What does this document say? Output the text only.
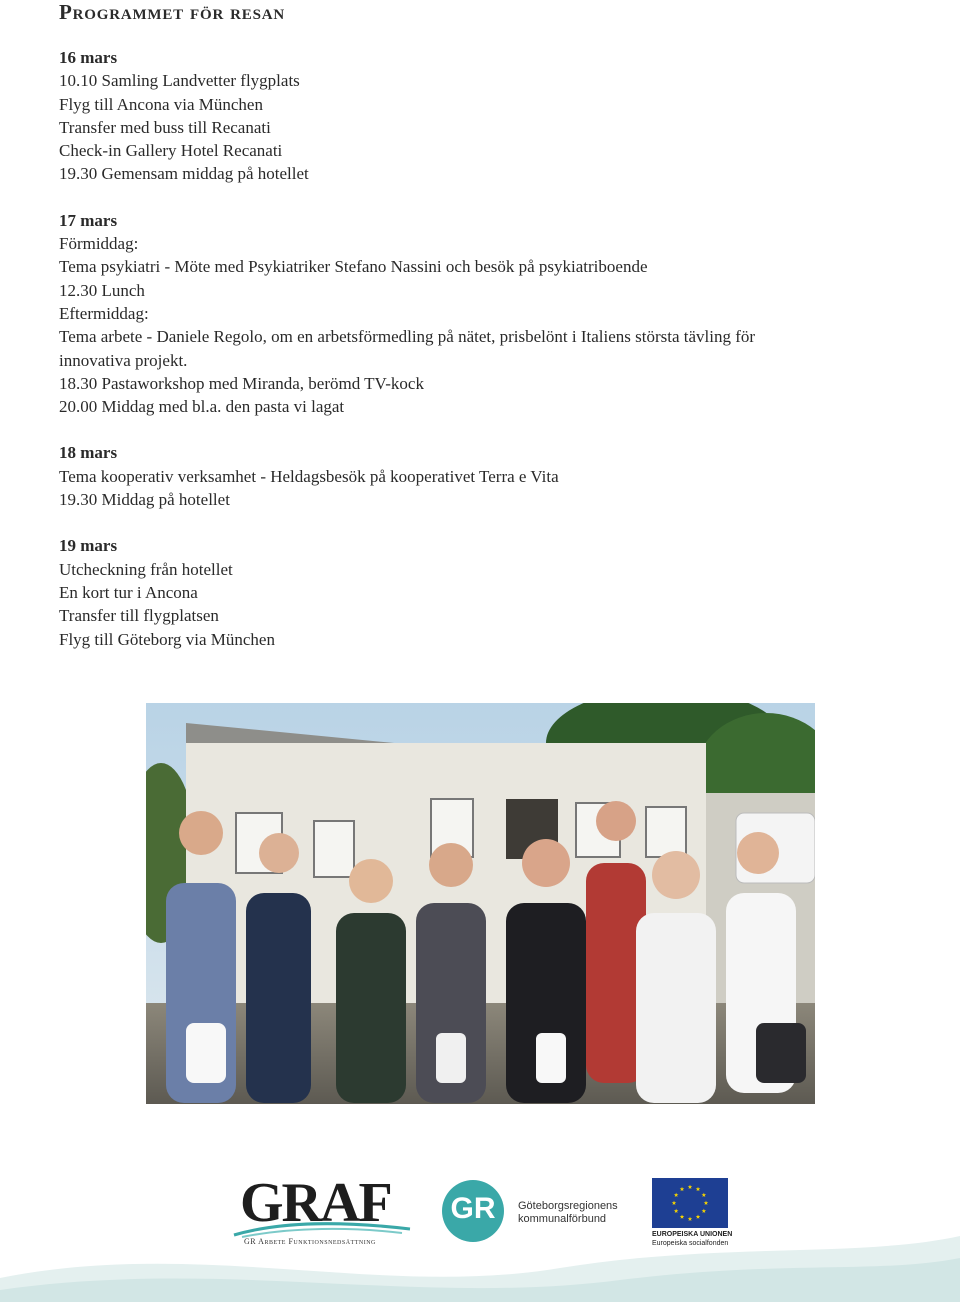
Programmet för resan

16 mars

10.10 Samling Landvetter flygplats

Flyg till Ancona via München

Transfer med buss till Recanati

Check-in Gallery Hotel Recanati

19.30 Gemensam middag på hotellet

17 mars

Förmiddag:

Tema psykiatri - Möte med Psykiatriker Stefano Nassini och besök på psykiatriboende

12.30 Lunch

Eftermiddag:

Tema arbete - Daniele Regolo, om en arbetsförmedling på nätet, prisbelönt i Italiens största tävling för

innovativa projekt.

18.30 Pastaworkshop med Miranda, berömd TV-kock

20.00 Middag med bl.a. den pasta vi lagat

18 mars

Tema kooperativ verksamhet - Heldagsbesök på kooperativet Terra e Vita

19.30 Middag på hotellet

19 mars

Utcheckning från hotellet

En kort tur i Ancona

Transfer till flygplatsen

Flyg till Göteborg via München

GRAF

GR Arbete Funktionsnedsättning

GR	Göteborgsregionens
kommunalförbund

EUROPEISKA UNIONEN

Europeiska socialfonden
